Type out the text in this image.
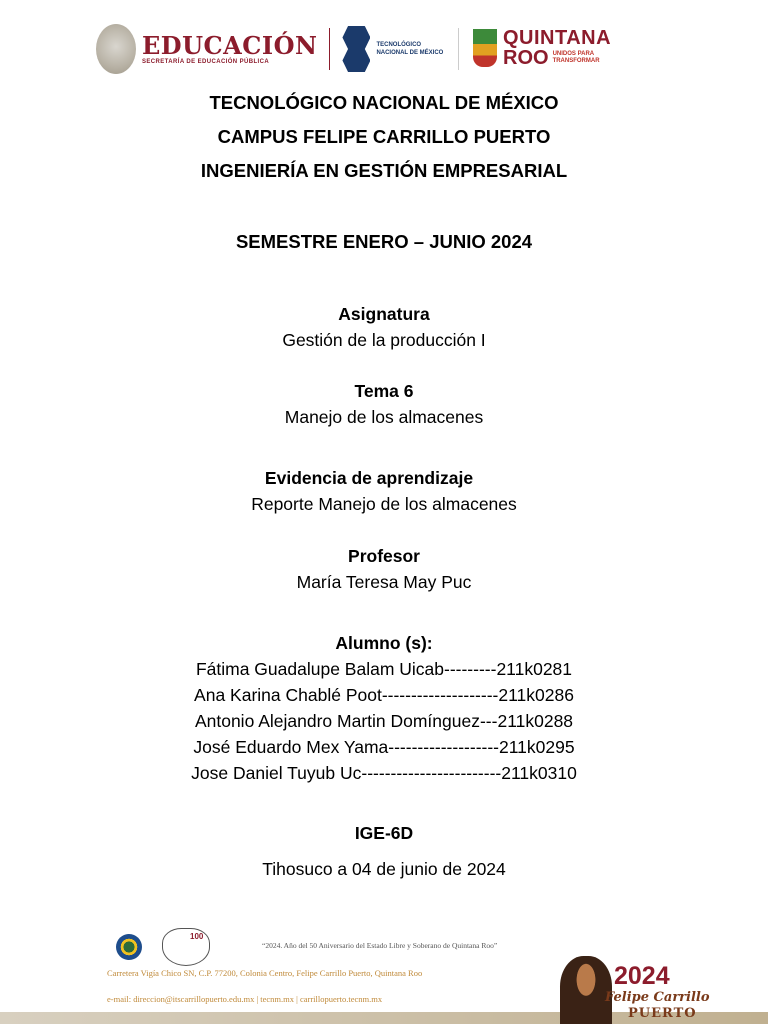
EDUCACIÓN
SECRETARÍA DE EDUCACIÓN PÚBLICA
TECNOLÓGICO NACIONAL DE MÉXICO
QUINTANA
ROO UNIDOS PARA TRANSFORMAR
TECNOLÓGICO NACIONAL DE MÉXICO
CAMPUS FELIPE CARRILLO PUERTO
INGENIERÍA EN GESTIÓN EMPRESARIAL
SEMESTRE ENERO – JUNIO 2024
Asignatura
Gestión de la producción I
Tema 6
Manejo de los almacenes
Evidencia de aprendizaje
Reporte Manejo de los almacenes
Profesor
María Teresa May Puc
Alumno (s):
Fátima Guadalupe Balam Uicab---------211k0281
Ana Karina Chablé Poot--------------------211k0286
Antonio Alejandro Martin Domínguez---211k0288
José Eduardo Mex Yama-------------------211k0295
Jose Daniel Tuyub Uc------------------------211k0310
IGE-6D
Tihosuco a 04 de junio de 2024
100
“2024. Año del 50 Aniversario del Estado Libre y Soberano de Quintana Roo”
Carretera Vigía Chico SN, C.P. 77200, Colonia Centro, Felipe Carrillo Puerto, Quintana Roo
e-mail: direccion@itscarrillopuerto.edu.mx | tecnm.mx | carrillopuerto.tecnm.mx
2024
Felipe Carrillo
PUERTO
